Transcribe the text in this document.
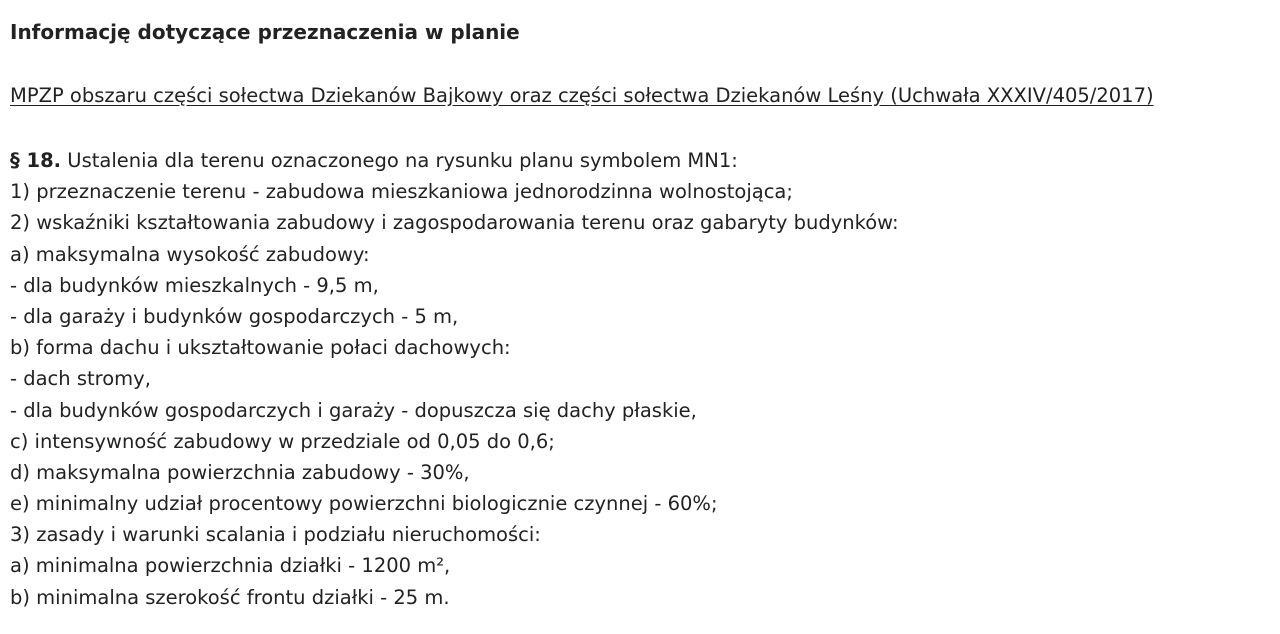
Informację dotyczące przeznaczenia w planie
MPZP obszaru części sołectwa Dziekanów Bajkowy oraz części sołectwa Dziekanów Leśny (Uchwała XXXIV/405/2017)
§ 18. Ustalenia dla terenu oznaczonego na rysunku planu symbolem MN1:
1) przeznaczenie terenu - zabudowa mieszkaniowa jednorodzinna wolnostojąca;
2) wskaźniki kształtowania zabudowy i zagospodarowania terenu oraz gabaryty budynków:
a) maksymalna wysokość zabudowy:
- dla budynków mieszkalnych - 9,5 m,
- dla garaży i budynków gospodarczych - 5 m,
b) forma dachu i ukształtowanie połaci dachowych:
- dach stromy,
- dla budynków gospodarczych i garaży - dopuszcza się dachy płaskie,
c) intensywność zabudowy w przedziale od 0,05 do 0,6;
d) maksymalna powierzchnia zabudowy - 30%,
e) minimalny udział procentowy powierzchni biologicznie czynnej - 60%;
3) zasady i warunki scalania i podziału nieruchomości:
a) minimalna powierzchnia działki - 1200 m²,
b) minimalna szerokość frontu działki - 25 m.
